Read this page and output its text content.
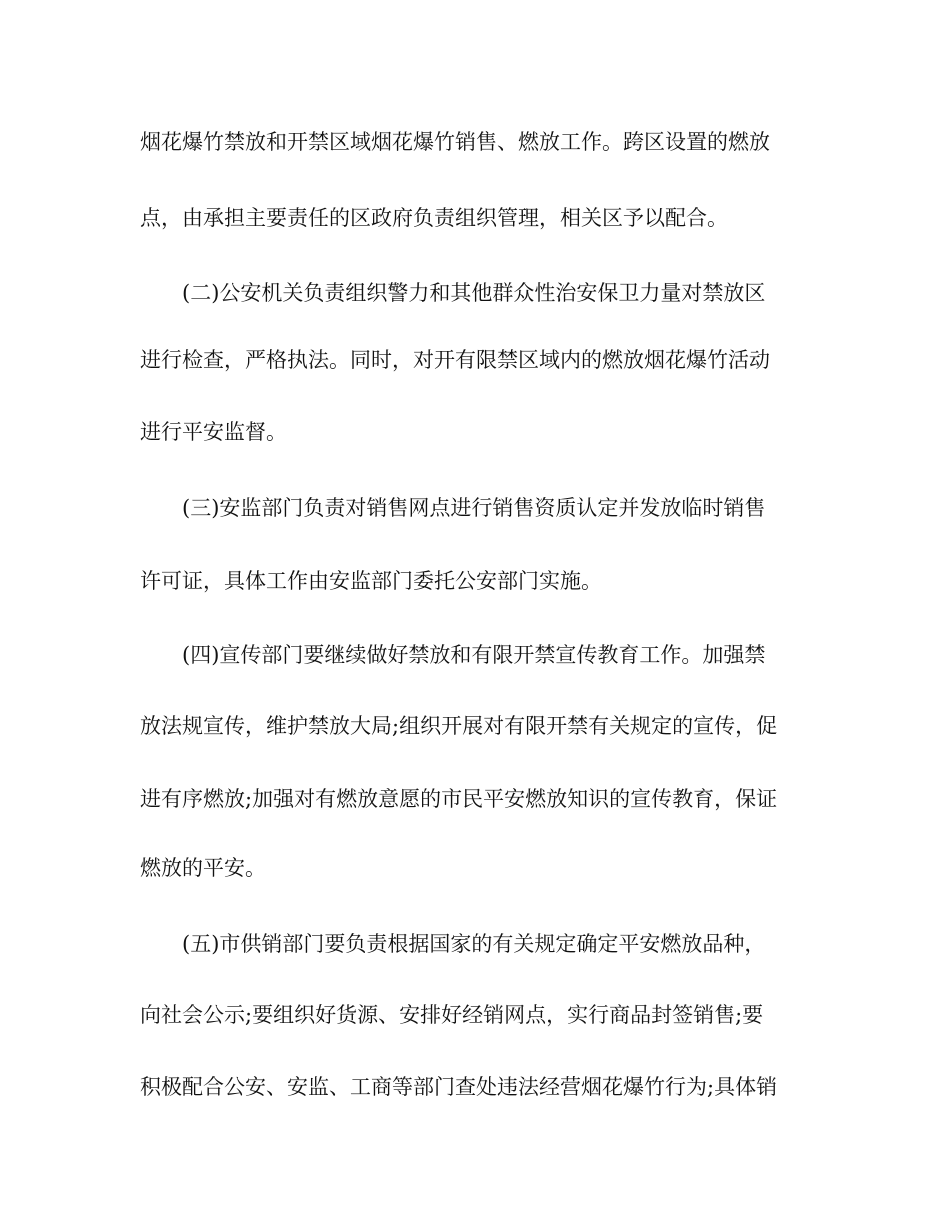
烟花爆竹禁放和开禁区域烟花爆竹销售、燃放工作。跨区设置的燃放
点，由承担主要责任的区政府负责组织管理，相关区予以配合。
(二)公安机关负责组织警力和其他群众性治安保卫力量对禁放区
进行检查，严格执法。同时，对开有限禁区域内的燃放烟花爆竹活动
进行平安监督。
(三)安监部门负责对销售网点进行销售资质认定并发放临时销售
许可证，具体工作由安监部门委托公安部门实施。
(四)宣传部门要继续做好禁放和有限开禁宣传教育工作。加强禁
放法规宣传，维护禁放大局;组织开展对有限开禁有关规定的宣传，促
进有序燃放;加强对有燃放意愿的市民平安燃放知识的宣传教育，保证
燃放的平安。
(五)市供销部门要负责根据国家的有关规定确定平安燃放品种，
向社会公示;要组织好货源、安排好经销网点，实行商品封签销售;要
积极配合公安、安监、工商等部门查处违法经营烟花爆竹行为;具体销
